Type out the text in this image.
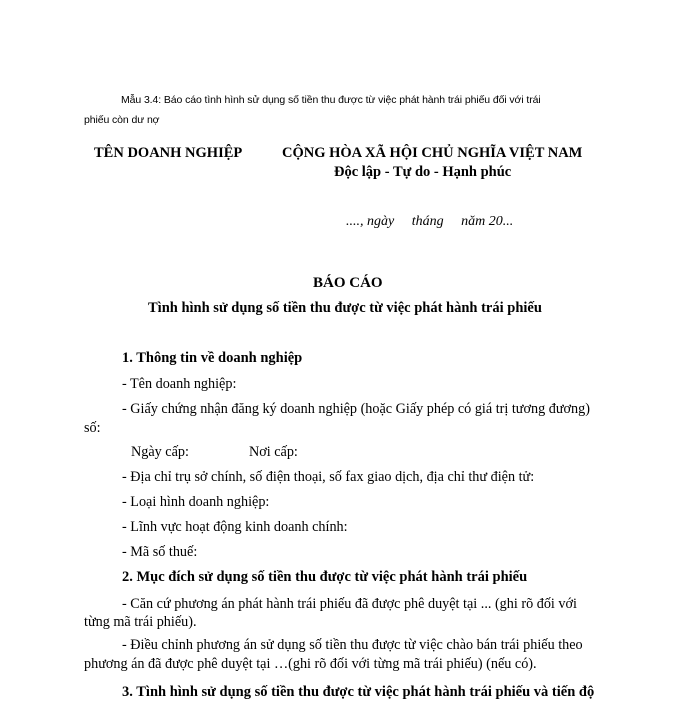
Mẫu 3.4: Báo cáo tình hình sử dụng số tiền thu được từ việc phát hành trái phiếu đối với trái
phiếu còn dư nợ
TÊN DOANH NGHIỆP	CỘNG HÒA XÃ HỘI CHỦ NGHĨA VIỆT NAM
Độc lập - Tự do - Hạnh phúc
...., ngày     tháng     năm 20...
BÁO CÁO
Tình hình sử dụng số tiền thu được từ việc phát hành trái phiếu
1. Thông tin về doanh nghiệp
- Tên doanh nghiệp:
- Giấy chứng nhận đăng ký doanh nghiệp (hoặc Giấy phép có giá trị tương đương)
số:
Ngày cấp:	Nơi cấp:
- Địa chỉ trụ sở chính, số điện thoại, số fax giao dịch, địa chỉ thư điện tử:
- Loại hình doanh nghiệp:
- Lĩnh vực hoạt động kinh doanh chính:
- Mã số thuế:
2. Mục đích sử dụng số tiền thu được từ việc phát hành trái phiếu
- Căn cứ phương án phát hành trái phiếu đã được phê duyệt tại ... (ghi rõ đối với
từng mã trái phiếu).
- Điều chỉnh phương án sử dụng số tiền thu được từ việc chào bán trái phiếu theo
phương án đã được phê duyệt tại …(ghi rõ đối với từng mã trái phiếu) (nếu có).
3. Tình hình sử dụng số tiền thu được từ việc phát hành trái phiếu và tiến độ
